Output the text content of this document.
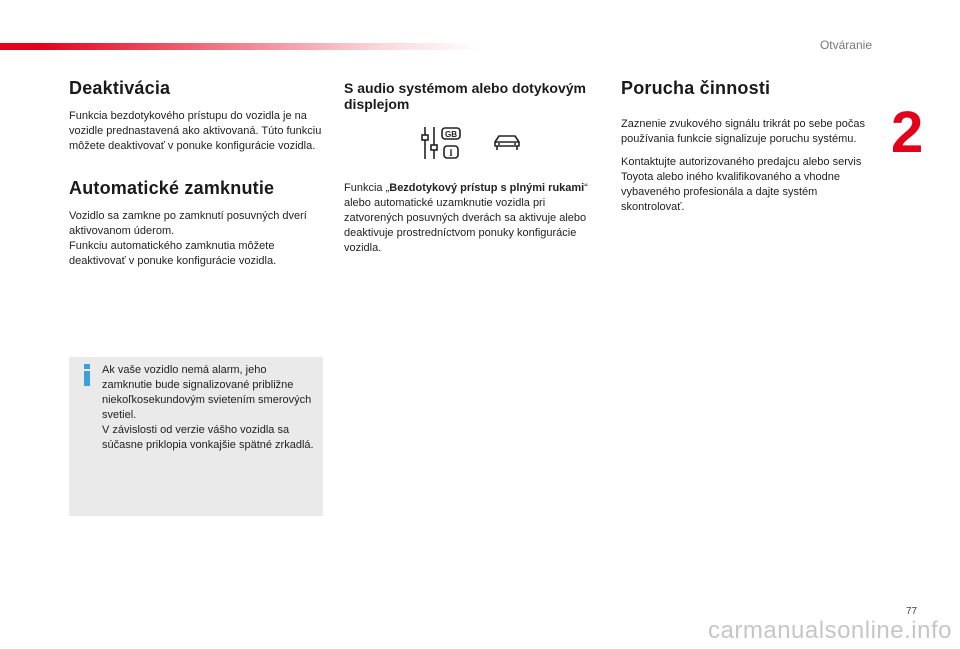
Otváranie
2
Deaktivácia

Funkcia bezdotykového prístupu do vozidla je na vozidle prednastavená ako aktivovaná. Túto funkciu môžete deaktivovať v ponuke konfigurácie vozidla.

Automatické zamknutie

Vozidlo sa zamkne po zamknutí posuvných dverí aktivovanom úderom.

Funkciu automatického zamknutia môžete deaktivovať v ponuke konfigurácie vozidla.

Ak vaše vozidlo nemá alarm, jeho zamknutie bude signalizované približne niekoľkosekundovým svietením smerových svetiel.

V závislosti od verzie vášho vozidla sa súčasne priklopia vonkajšie spätné zrkadlá.

S audio systémom alebo dotykovým displejom
GB
I

Funkcia „Bezdotykový prístup s plnými rukami“ alebo automatické uzamknutie vozidla pri zatvorených posuvných dverách sa aktivuje alebo deaktivuje prostredníctvom ponuky konfigurácie vozidla.

Porucha činnosti

Zaznenie zvukového signálu trikrát po sebe počas používania funkcie signalizuje poruchu systému.

Kontaktujte autorizovaného predajcu alebo servis Toyota alebo iného kvalifikovaného a vhodne vybaveného profesionála a dajte systém skontrolovať.

77
carmanualsonline.info
